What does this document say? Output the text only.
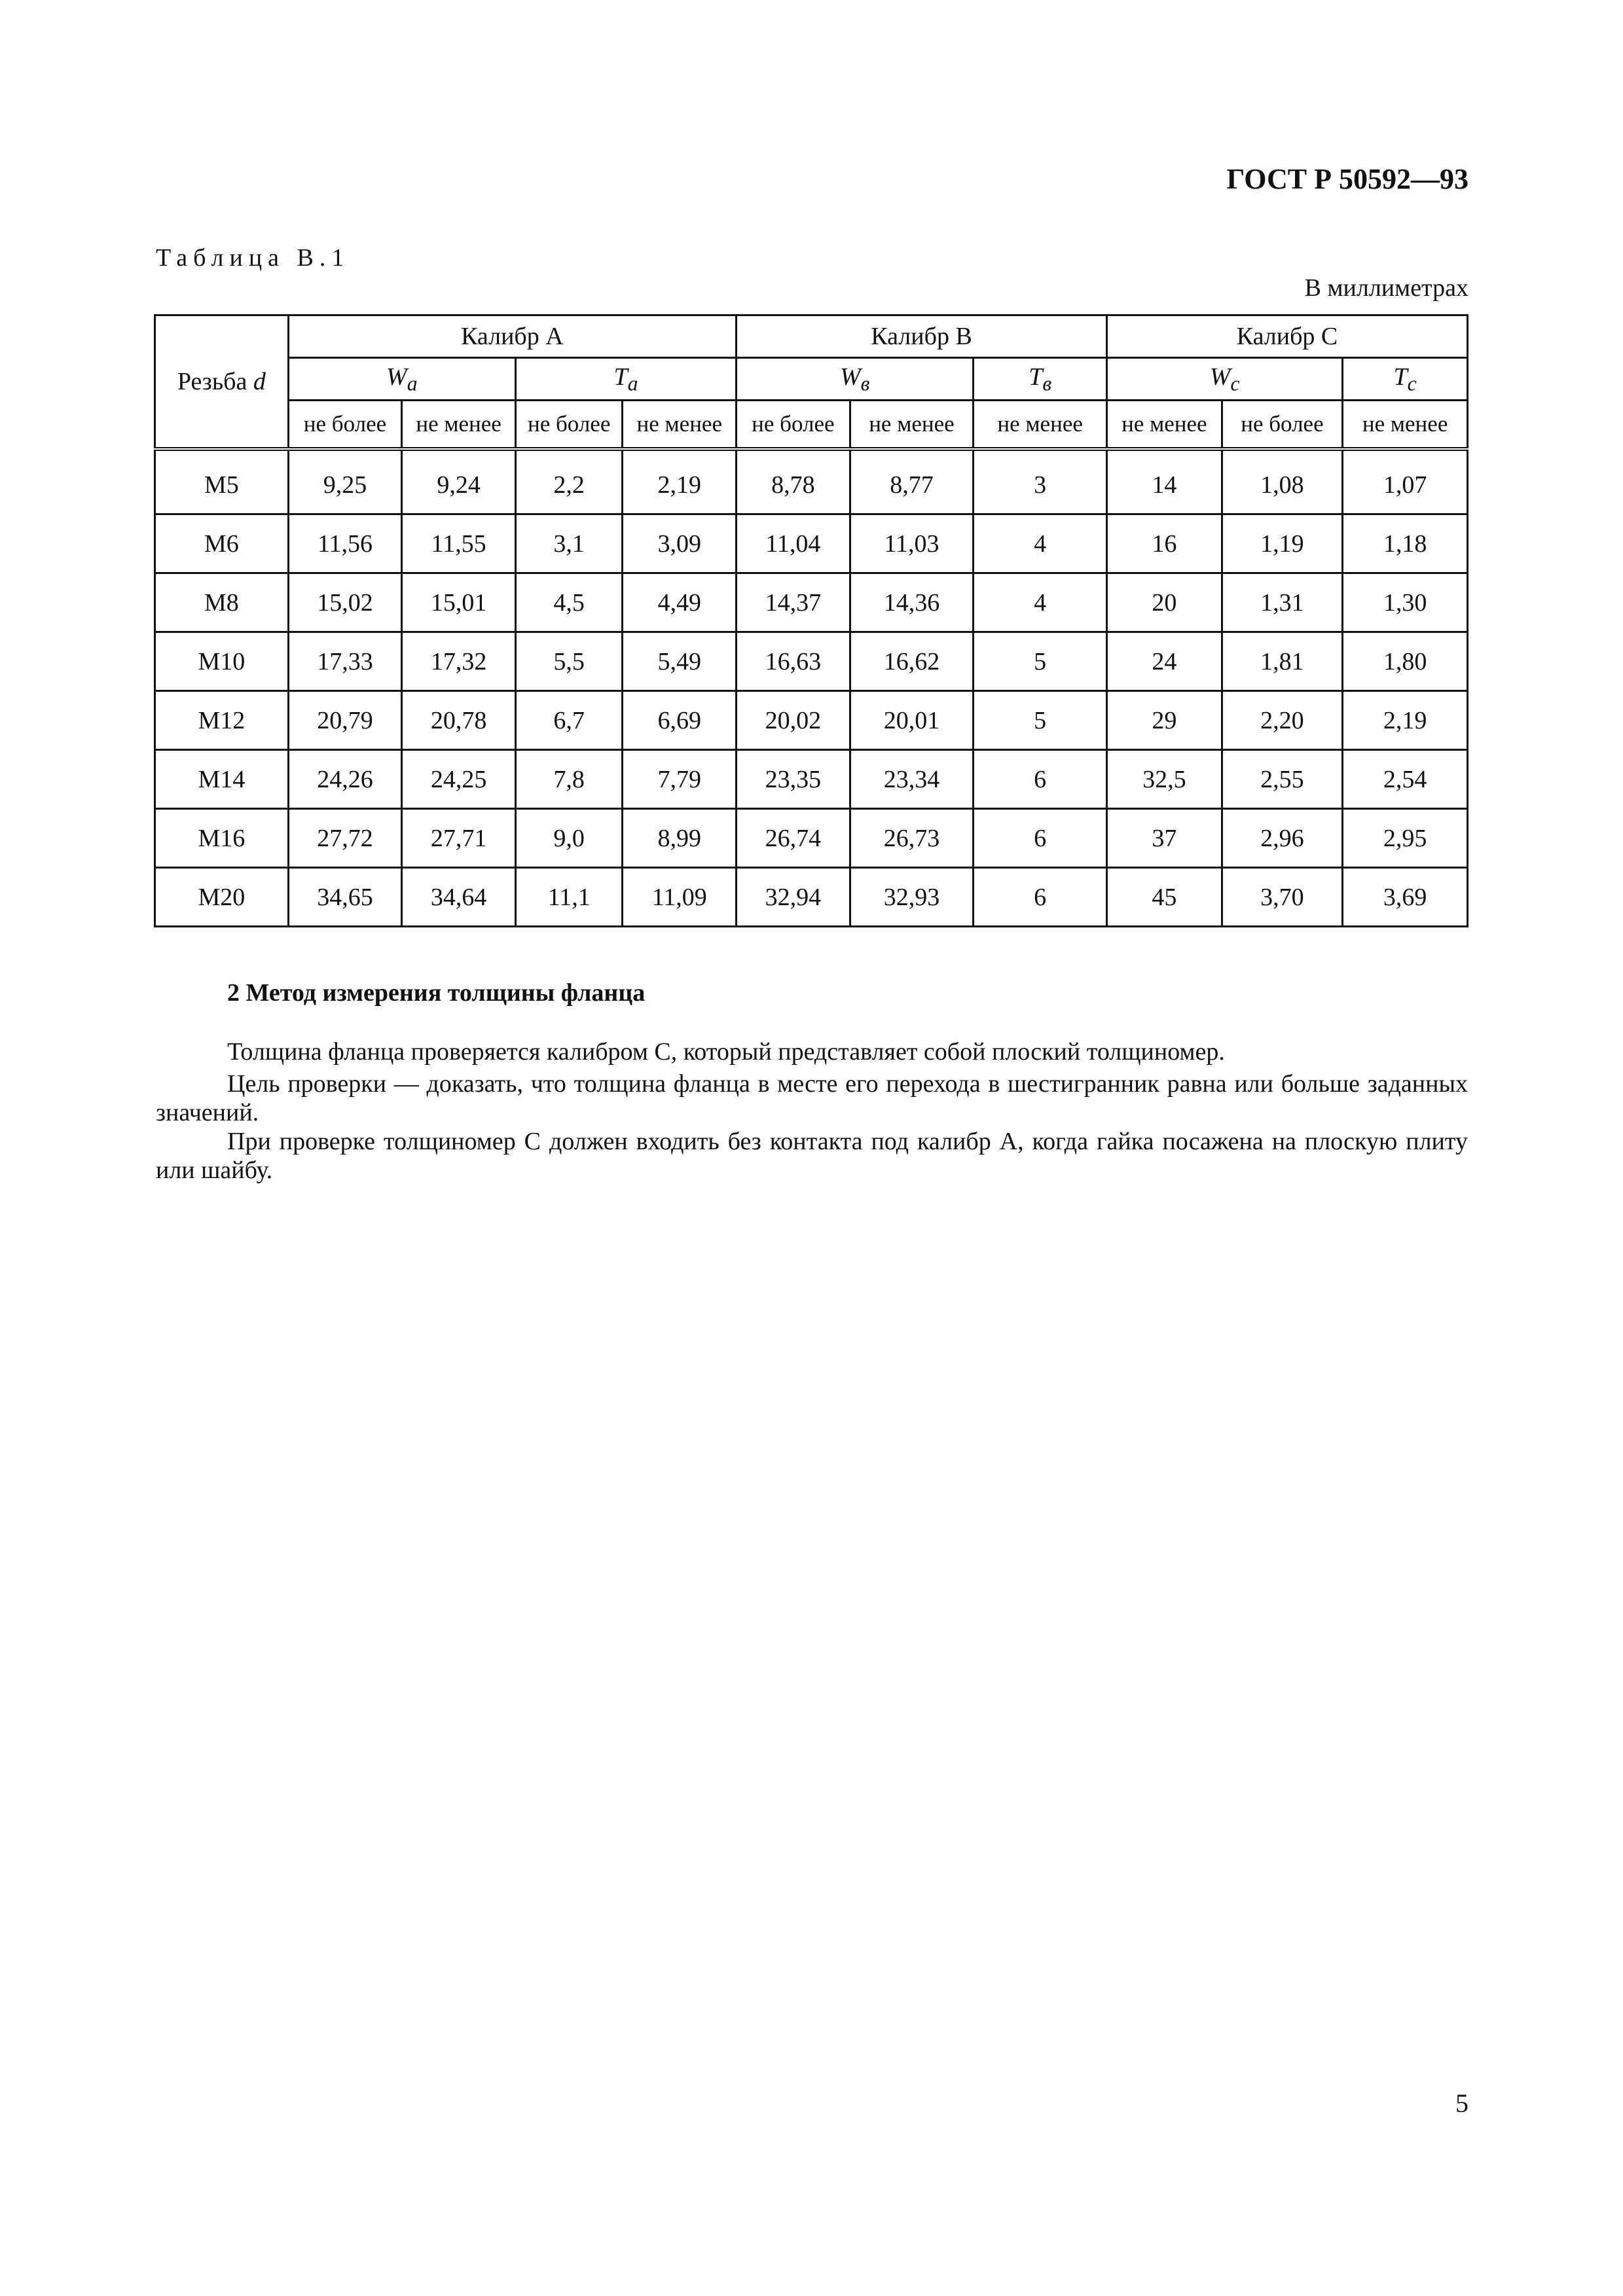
ГОСТ Р 50592—93
Таблица В.1
В миллиметрах
Резьба d	Калибр A				Калибр B			Калибр C		
	$W_a$		$T_a$		$W_в$		$T_в$	$W_c$		$T_c$
	не более	не менее	не более	не менее	не более	не менее	не менее	не менее	не более	не менее
M5	9,25	9,24	2,2	2,19	8,78	8,77	3	14	1,08	1,07
M6	11,56	11,55	3,1	3,09	11,04	11,03	4	16	1,19	1,18
M8	15,02	15,01	4,5	4,49	14,37	14,36	4	20	1,31	1,30
M10	17,33	17,32	5,5	5,49	16,63	16,62	5	24	1,81	1,80
M12	20,79	20,78	6,7	6,69	20,02	20,01	5	29	2,20	2,19
M14	24,26	24,25	7,8	7,79	23,35	23,34	6	32,5	2,55	2,54
M16	27,72	27,71	9,0	8,99	26,74	26,73	6	37	2,96	2,95
M20	34,65	34,64	11,1	11,09	32,94	32,93	6	45	3,70	3,69
2 Метод измерения толщины фланца
Толщина фланца проверяется калибром С, который представляет собой плоский толщиномер.
Цель проверки — доказать, что толщина фланца в месте его перехода в шестигранник равна или больше заданных значений.
При проверке толщиномер С должен входить без контакта под калибр А, когда гайка посажена на плоскую плиту или шайбу.
5
